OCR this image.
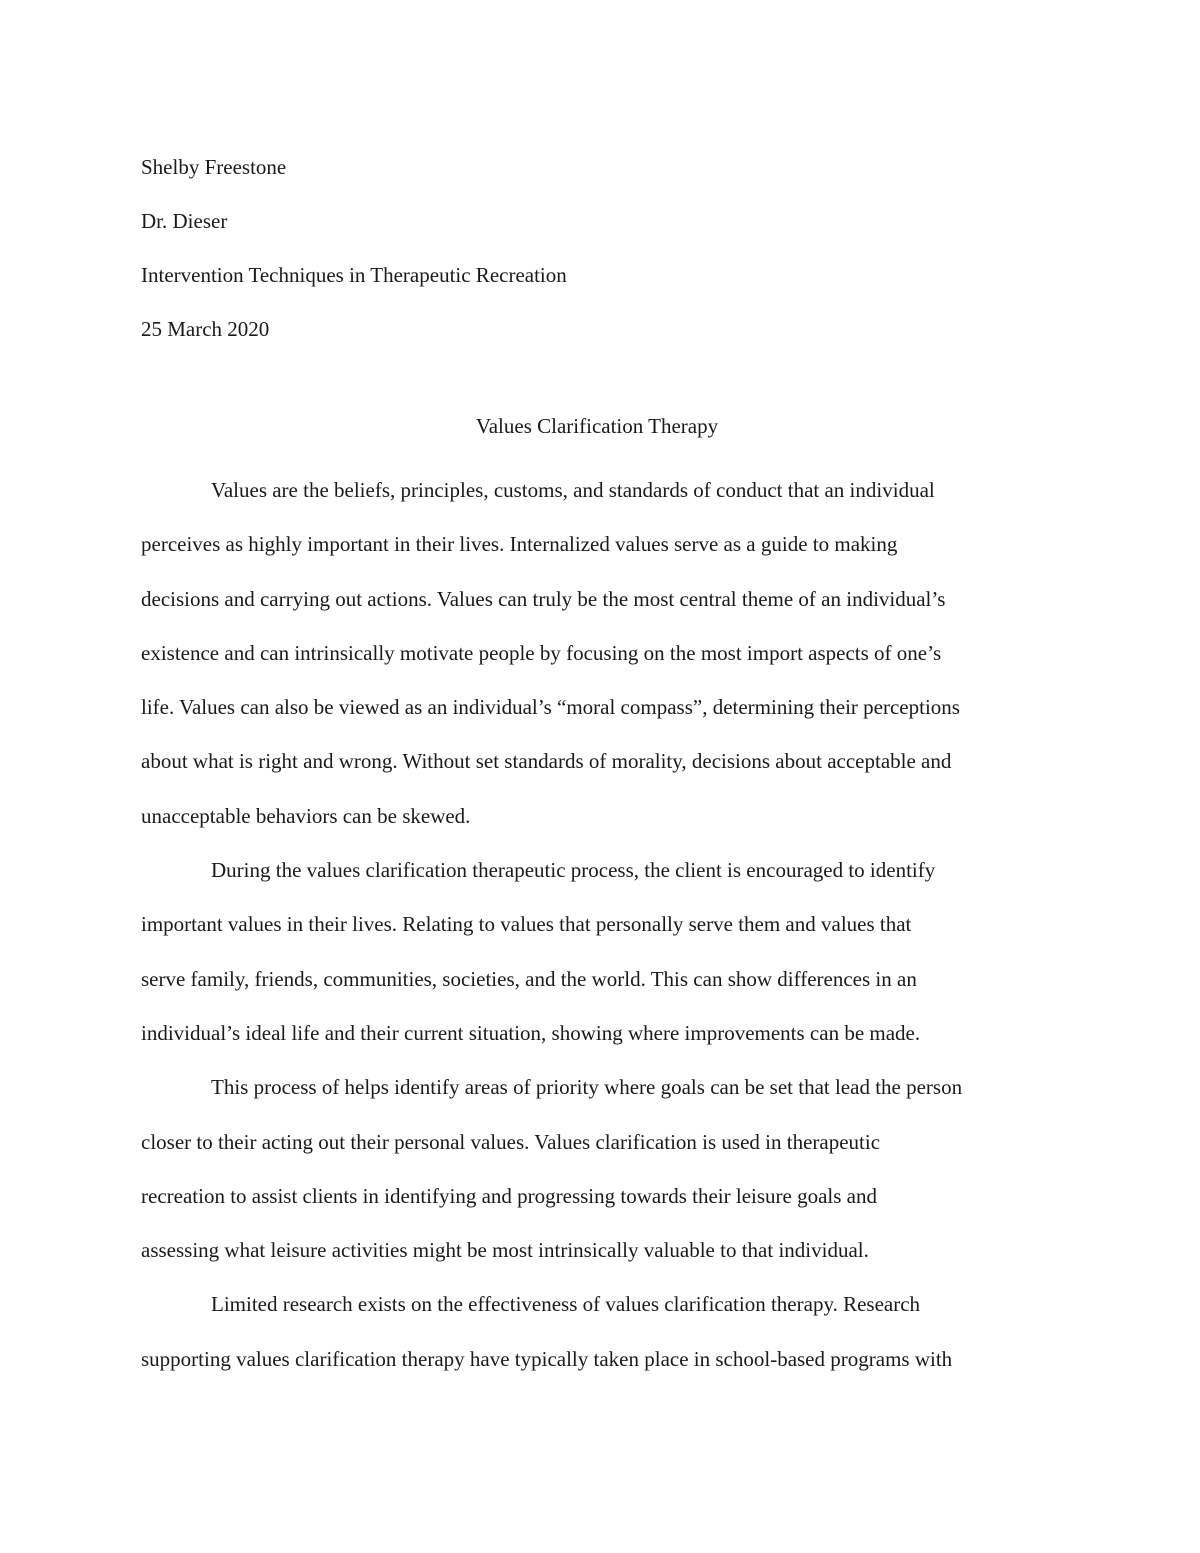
Shelby Freestone
Dr. Dieser
Intervention Techniques in Therapeutic Recreation
25 March 2020
Values Clarification Therapy
Values are the beliefs, principles, customs, and standards of conduct that an individual
perceives as highly important in their lives. Internalized values serve as a guide to making
decisions and carrying out actions. Values can truly be the most central theme of an individual’s
existence and can intrinsically motivate people by focusing on the most import aspects of one’s
life. Values can also be viewed as an individual’s “moral compass”, determining their perceptions
about what is right and wrong. Without set standards of morality, decisions about acceptable and
unacceptable behaviors can be skewed.
During the values clarification therapeutic process, the client is encouraged to identify
important values in their lives. Relating to values that personally serve them and values that
serve family, friends, communities, societies, and the world. This can show differences in an
individual’s ideal life and their current situation, showing where improvements can be made.
This process of helps identify areas of priority where goals can be set that lead the person
closer to their acting out their personal values. Values clarification is used in therapeutic
recreation to assist clients in identifying and progressing towards their leisure goals and
assessing what leisure activities might be most intrinsically valuable to that individual.
Limited research exists on the effectiveness of values clarification therapy. Research
supporting values clarification therapy have typically taken place in school-based programs with
